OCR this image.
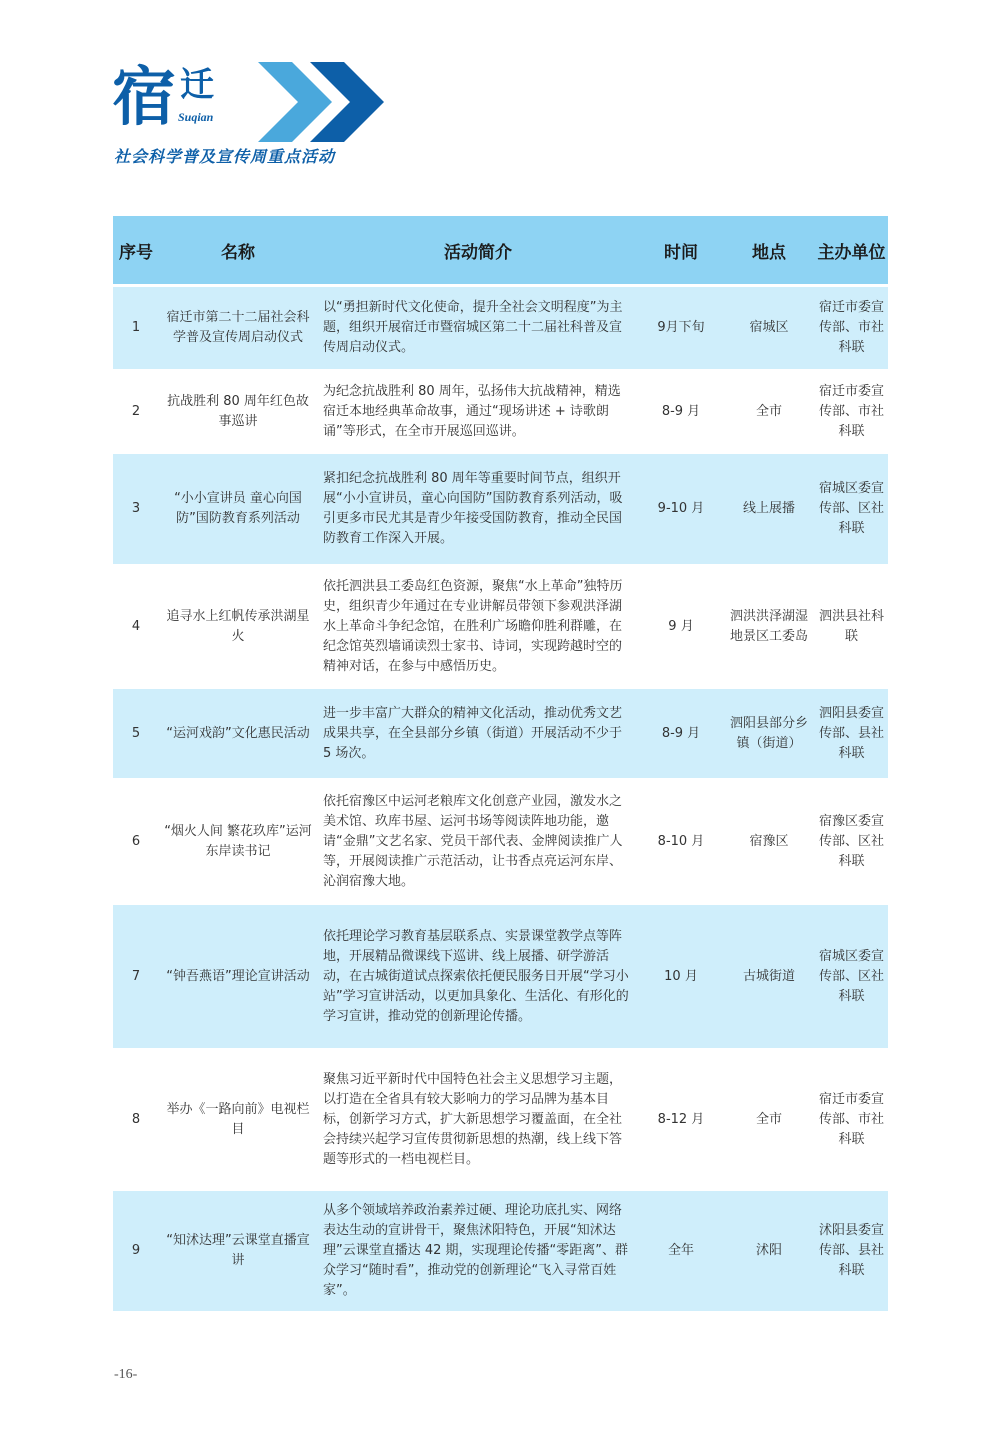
宿 迁
Suqian
社会科学普及宣传周重点活动
序号	名称	活动简介	时间	地点	主办单位
1	宿迁市第二十二届社会科学普及宣传周启动仪式	以“勇担新时代文化使命，提升全社会文明程度”为主题，组织开展宿迁市暨宿城区第二十二届社科普及宣传周启动仪式。	9月下旬	宿城区	宿迁市委宣传部、市社科联
2	抗战胜利 80 周年红色故事巡讲	为纪念抗战胜利 80 周年，弘扬伟大抗战精神，精选宿迁本地经典革命故事，通过“现场讲述 + 诗歌朗诵”等形式，在全市开展巡回巡讲。	8-9 月	全市	宿迁市委宣传部、市社科联
3	“小小宣讲员 童心向国防”国防教育系列活动	紧扣纪念抗战胜利 80 周年等重要时间节点，组织开展“小小宣讲员，童心向国防”国防教育系列活动，吸引更多市民尤其是青少年接受国防教育，推动全民国防教育工作深入开展。	9-10 月	线上展播	宿城区委宣传部、区社科联
4	追寻水上红帆传承洪湖星火	依托泗洪县工委岛红色资源，聚焦“水上革命”独特历史，组织青少年通过在专业讲解员带领下参观洪泽湖水上革命斗争纪念馆，在胜利广场瞻仰胜利群雕，在纪念馆英烈墙诵读烈士家书、诗词，实现跨越时空的精神对话，在参与中感悟历史。	9 月	泗洪洪泽湖湿地景区工委岛	泗洪县社科联
5	“运河戏韵”文化惠民活动	进一步丰富广大群众的精神文化活动，推动优秀文艺成果共享，在全县部分乡镇（街道）开展活动不少于 5 场次。	8-9 月	泗阳县部分乡镇（街道）	泗阳县委宣传部、县社科联
6	“烟火人间 繁花玖库”运河东岸读书记	依托宿豫区中运河老粮库文化创意产业园，激发水之美术馆、玖库书屋、运河书场等阅读阵地功能，邀请“金鼎”文艺名家、党员干部代表、金牌阅读推广人等，开展阅读推广示范活动，让书香点亮运河东岸、沁润宿豫大地。	8-10 月	宿豫区	宿豫区委宣传部、区社科联
7	“钟吾燕语”理论宣讲活动	依托理论学习教育基层联系点、实景课堂教学点等阵地，开展精品微课线下巡讲、线上展播、研学游活动，在古城街道试点探索依托便民服务日开展“学习小站”学习宣讲活动，以更加具象化、生活化、有形化的学习宣讲，推动党的创新理论传播。	10 月	古城街道	宿城区委宣传部、区社科联
8	举办《一路向前》电视栏目	聚焦习近平新时代中国特色社会主义思想学习主题，以打造在全省具有较大影响力的学习品牌为基本目标，创新学习方式，扩大新思想学习覆盖面，在全社会持续兴起学习宣传贯彻新思想的热潮，线上线下答题等形式的一档电视栏目。	8-12 月	全市	宿迁市委宣传部、市社科联
9	“知沭达理”云课堂直播宣讲	从多个领域培养政治素养过硬、理论功底扎实、网络表达生动的宣讲骨干，聚焦沭阳特色，开展“知沭达理”云课堂直播达 42 期，实现理论传播“零距离”、群众学习“随时看”，推动党的创新理论“飞入寻常百姓家”。	全年	沭阳	沭阳县委宣传部、县社科联
-16-
